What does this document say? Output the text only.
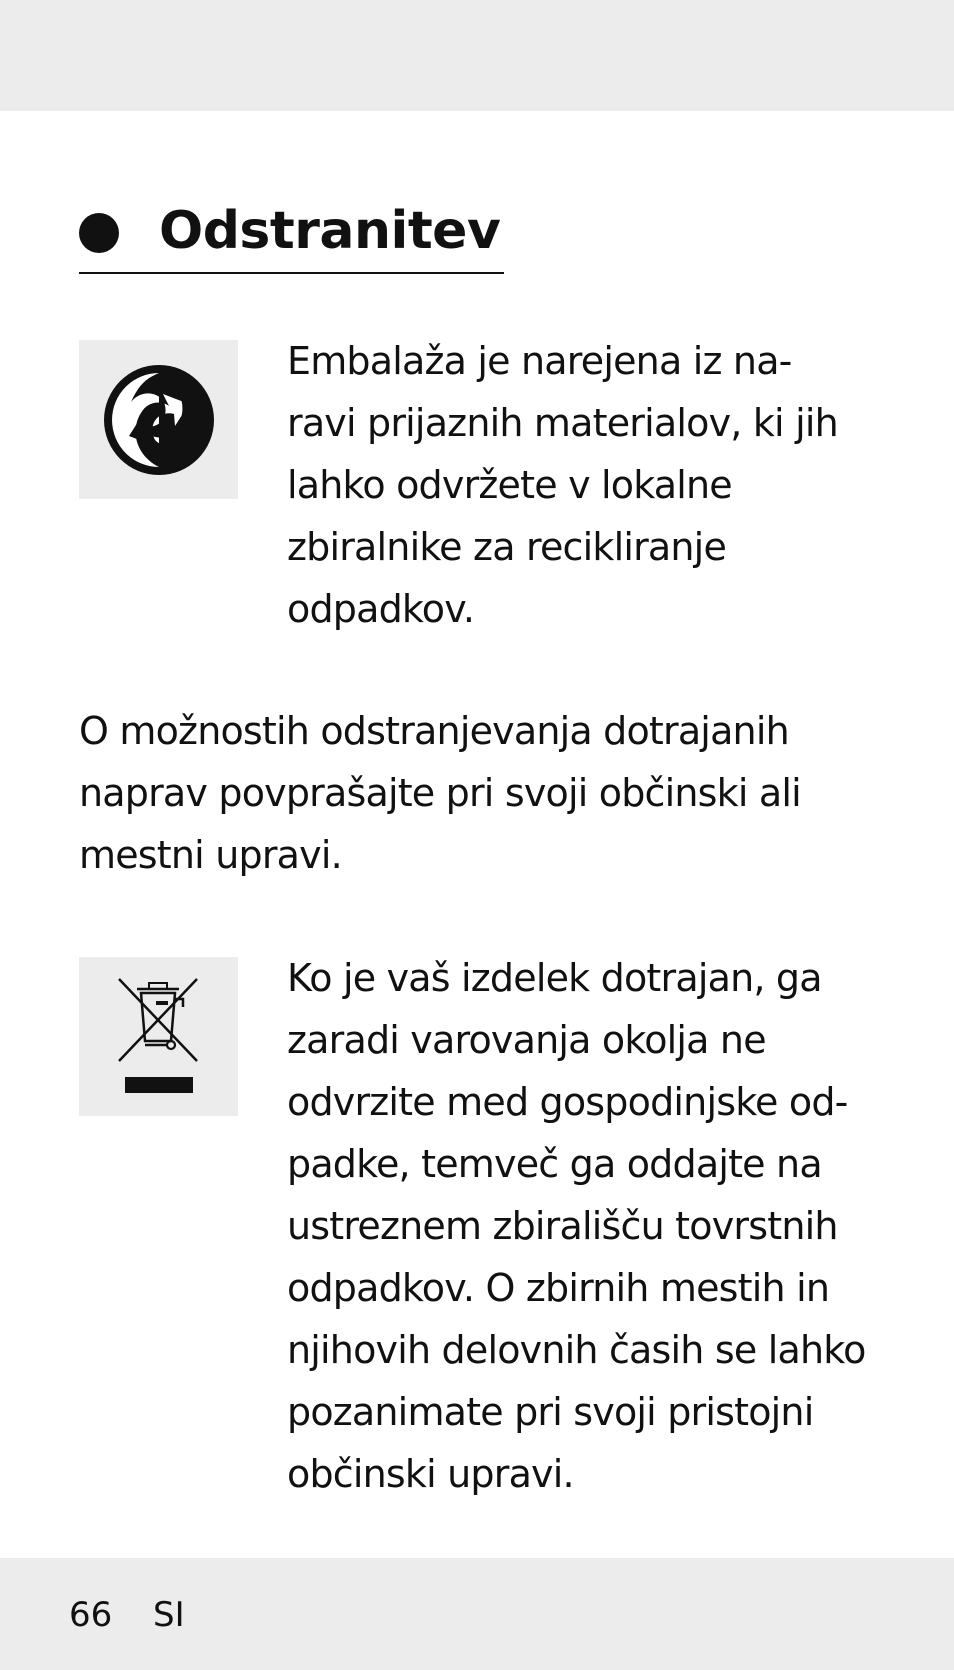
Odstranitev

Embalaža je narejena iz na-
ravi prijaznih materialov, ki jih
lahko odvržete v lokalne
zbiralnike za recikliranje
odpadkov.

O možnostih odstranjevanja dotrajanih
naprav povprašajte pri svoji občinski ali
mestni upravi.

Ko je vaš izdelek dotrajan, ga
zaradi varovanja okolja ne
odvrzite med gospodinjske od-
padke, temveč ga oddajte na
ustreznem zbirališču tovrstnih
odpadkov. O zbirnih mestih in
njihovih delovnih časih se lahko
pozanimate pri svoji pristojni
občinski upravi.

66 SI
